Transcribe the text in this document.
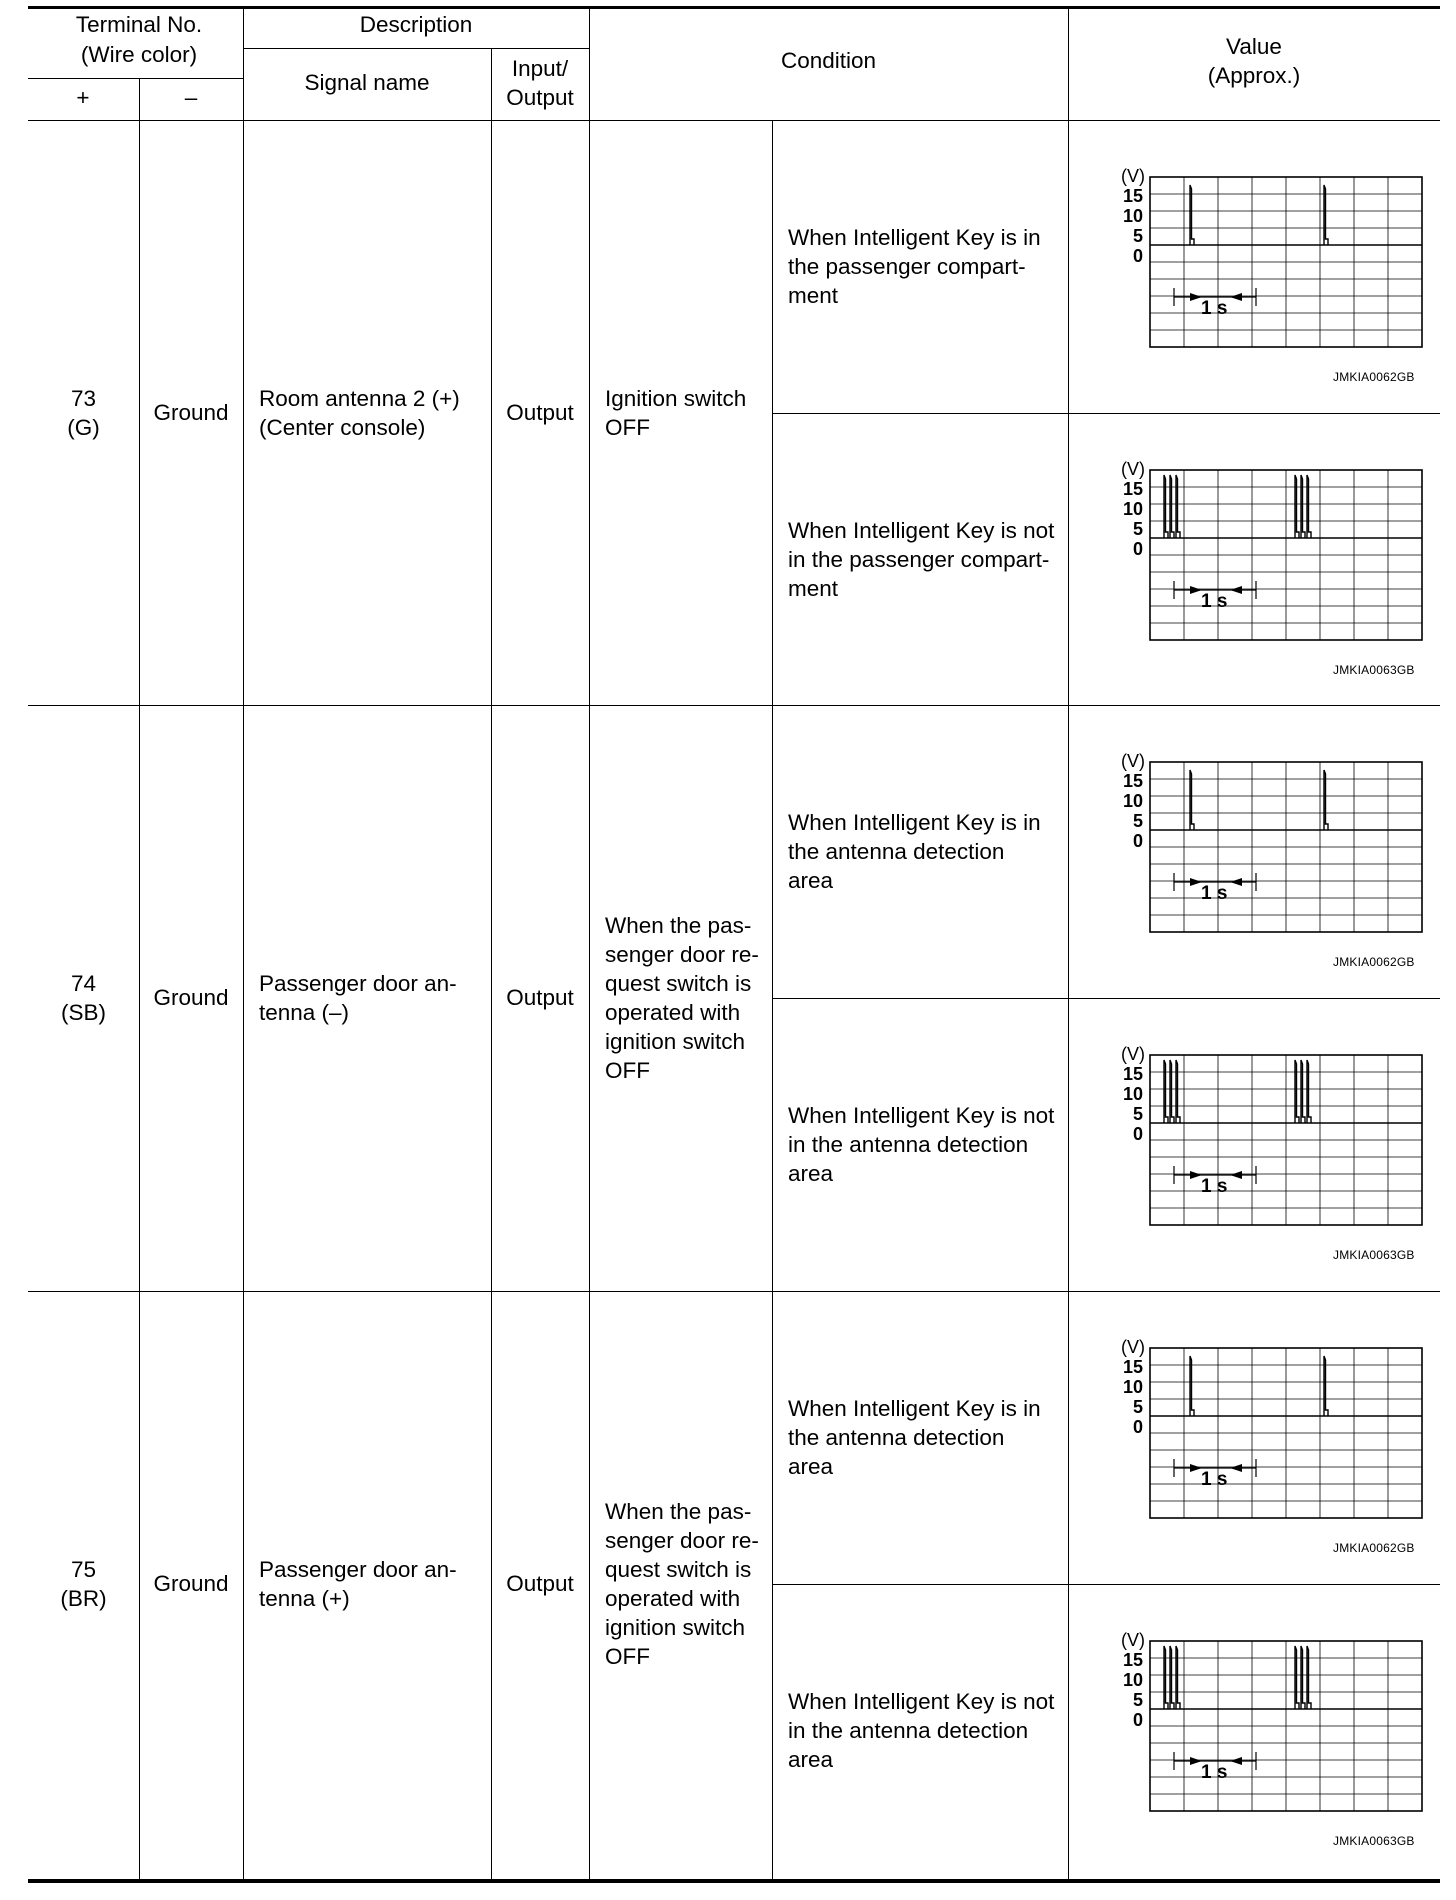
Terminal No.
(Wire color)
+	–
Description
Signal name
Input/
Output
Condition
Value
(Approx.)
73
(G)
Ground
Room antenna 2 (+)
(Center console)
Output
Ignition switch
OFF
When Intelligent Key is in
the passenger compart-
ment
(V)
15
10
5
0
1 s
JMKIA0062GB
When Intelligent Key is not
in the passenger compart-
ment
(V)
15
10
5
0
1 s
JMKIA0063GB
74
(SB)
Ground
Passenger door an-
tenna (–)
Output
When the pas-
senger door re-
quest switch is
operated with
ignition switch
OFF
When Intelligent Key is in
the antenna detection
area
(V)
15
10
5
0
1 s
JMKIA0062GB
When Intelligent Key is not
in the antenna detection
area
(V)
15
10
5
0
1 s
JMKIA0063GB
75
(BR)
Ground
Passenger door an-
tenna (+)
Output
When the pas-
senger door re-
quest switch is
operated with
ignition switch
OFF
When Intelligent Key is in
the antenna detection
area
(V)
15
10
5
0
1 s
JMKIA0062GB
When Intelligent Key is not
in the antenna detection
area
(V)
15
10
5
0
1 s
JMKIA0063GB
